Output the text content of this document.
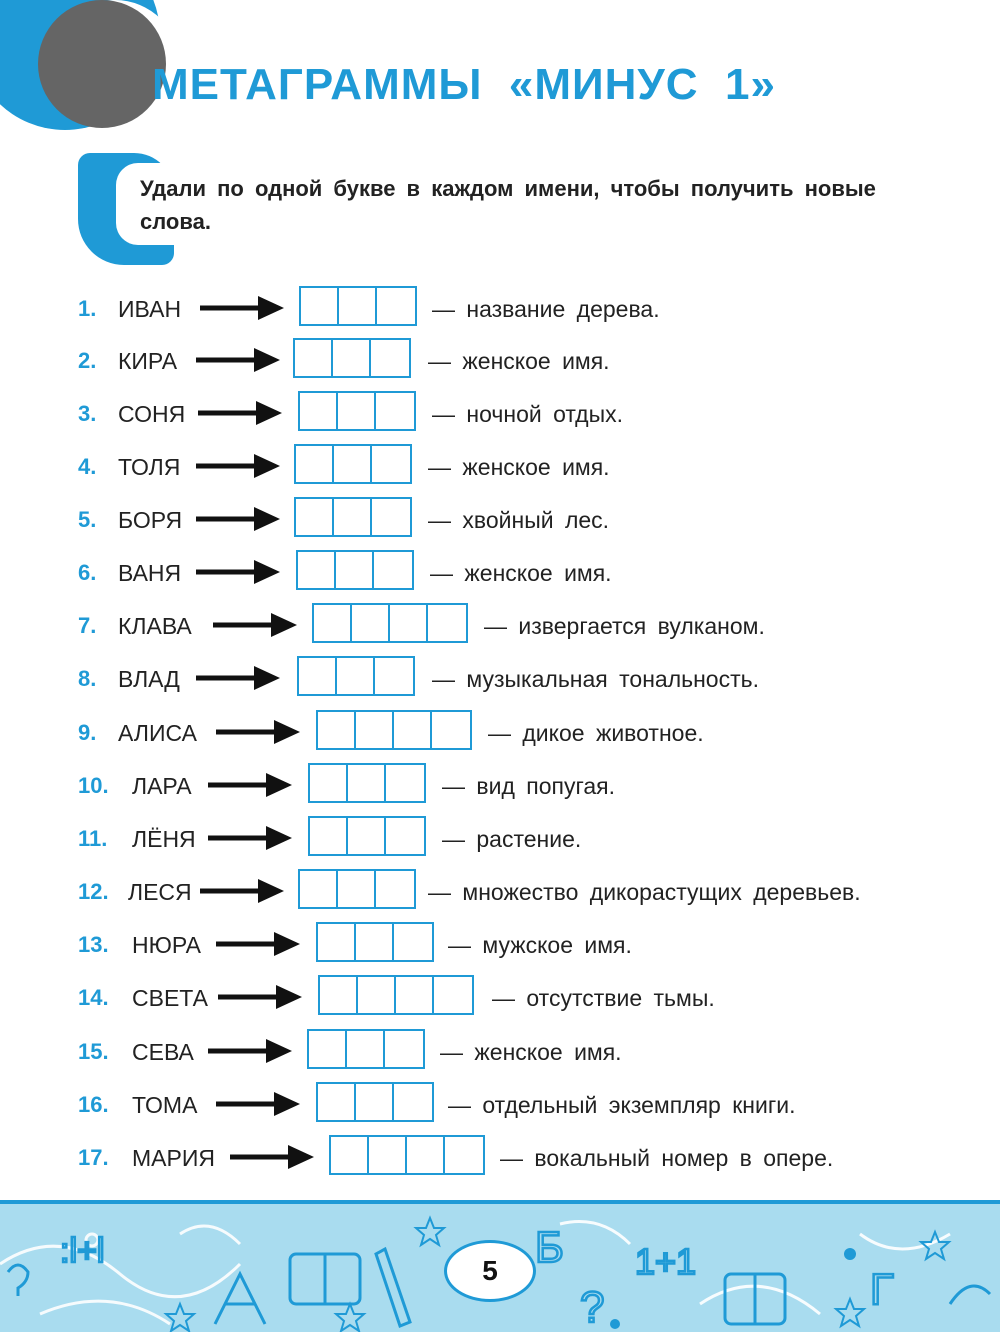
МЕТАГРАММЫ  «МИНУС  1»
Удали по одной букве в каждом имени, чтобы получить новые слова.
1. ИВАН	— название дерева.
2. КИРА	— женское имя.
3. СОНЯ	— ночной отдых.
4. ТОЛЯ	— женское имя.
5. БОРЯ	— хвойный лес.
6. ВАНЯ	— женское имя.
7. КЛАВА	— извергается вулканом.
8. ВЛАД	— музыкальная тональность.
9. АЛИСА	— дикое животное.
10. ЛАРА	— вид попугая.
11. ЛЁНЯ	— растение.
12. ЛЕСЯ	— множество дикорастущих деревьев.
13. НЮРА	— мужское имя.
14. СВЕТА	— отсутствие тьмы.
15. СЕВА	— женское имя.
16. ТОМА	— отдельный экземпляр книги.
17. МАРИЯ	— вокальный номер в опере.
:l+l	Б
?
1+1
Г
5
